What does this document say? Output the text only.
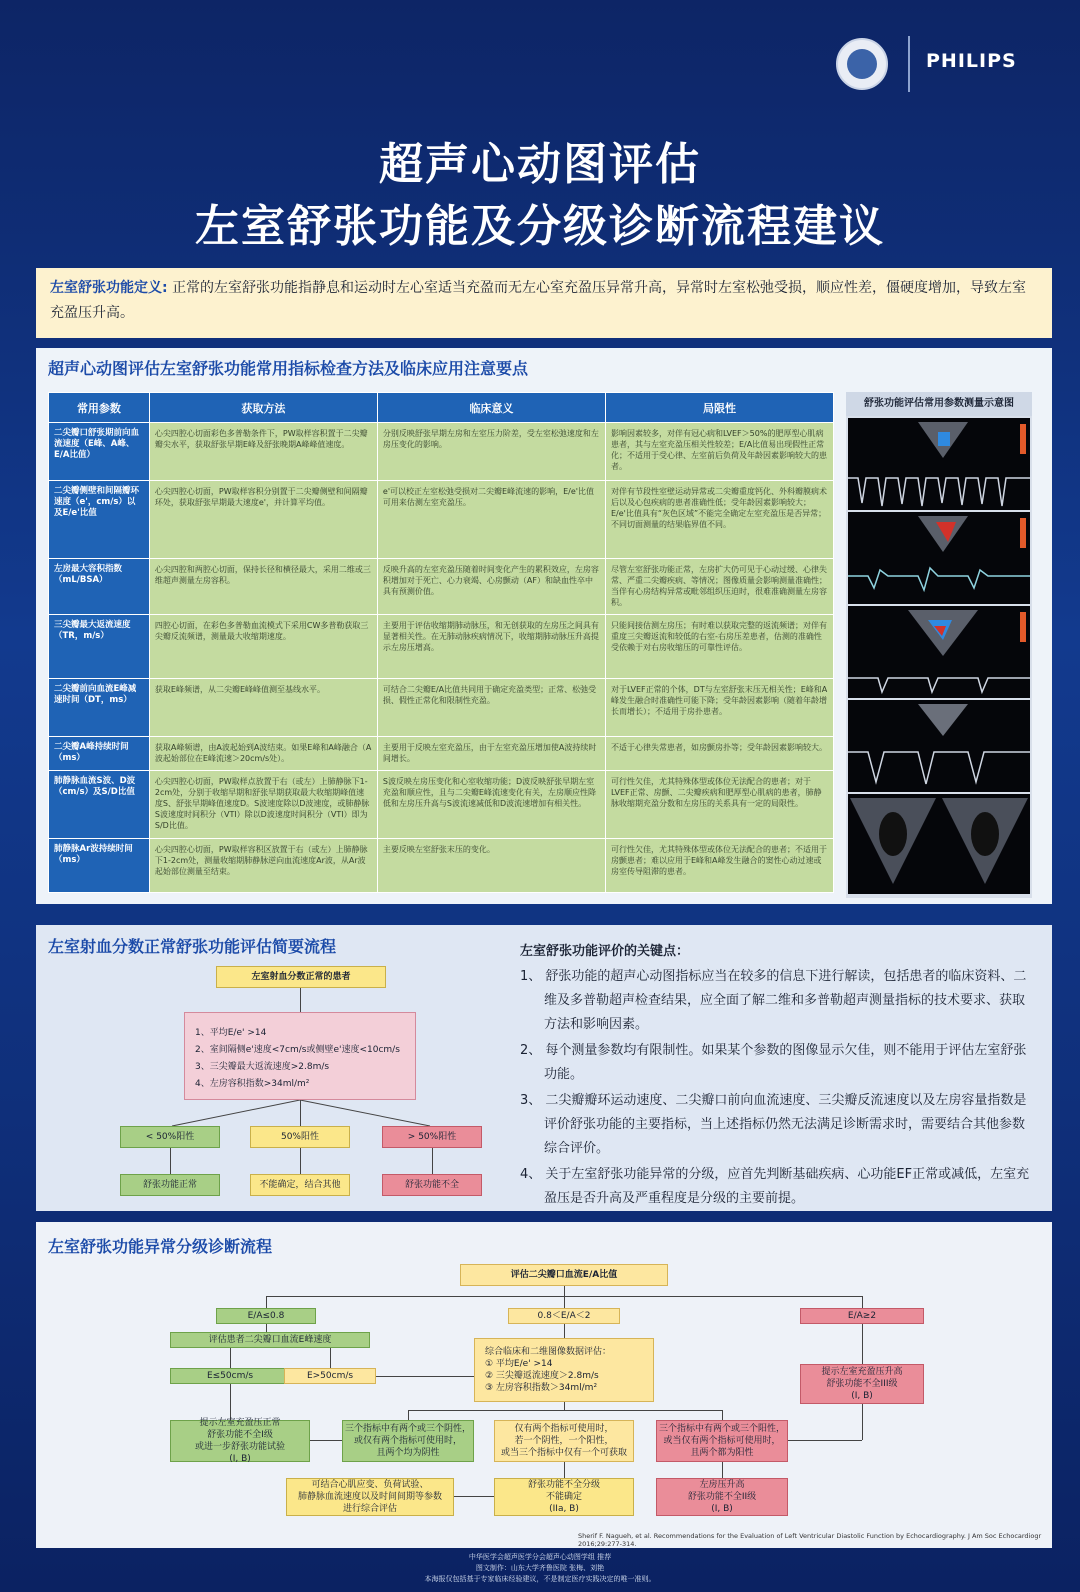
PHILIPS
超声心动图评估
左室舒张功能及分级诊断流程建议
左室舒张功能定义: 正常的左室舒张功能指静息和运动时左心室适当充盈而无左心室充盈压异常升高，异常时左室松弛受损，顺应性差，僵硬度增加，导致左室充盈压升高。
超声心动图评估左室舒张功能常用指标检查方法及临床应用注意要点
常用参数	获取方法	临床意义	局限性
二尖瓣口舒张期前向血流速度（E峰、A峰、E/A比值）	心尖四腔心切面彩色多普勒条件下，PW取样容积置于二尖瓣瓣尖水平，获取舒张早期E峰及舒张晚期A峰峰值速度。	分别反映舒张早期左房和左室压力阶差，受左室松弛速度和左房压变化的影响。	影响因素较多，对伴有冠心病和LVEF＞50%的肥厚型心肌病患者，其与左室充盈压相关性较差；E/A比值易出现假性正常化；不适用于受心律、左室前后负荷及年龄因素影响较大的患者。
二尖瓣侧壁和间隔瓣环速度（e'，cm/s）以及E/e'比值	心尖四腔心切面，PW取样容积分别置于二尖瓣侧壁和间隔瓣环处，获取舒张早期最大速度e'，并计算平均值。	e'可以校正左室松弛受损对二尖瓣E峰流速的影响，E/e'比值可用来估测左室充盈压。	对伴有节段性室壁运动异常或二尖瓣重度钙化、外科瓣膜病术后以及心包疾病的患者准确性低；受年龄因素影响较大；E/e'比值具有“灰色区域”不能完全确定左室充盈压是否异常；不同切面测量的结果临界值不同。
左房最大容积指数（mL/BSA）	心尖四腔和两腔心切面，保持长径和横径最大，采用二维或三维超声测量左房容积。	反映升高的左室充盈压随着时间变化产生的累积效应，左房容积增加对于死亡、心力衰竭、心房颤动（AF）和缺血性卒中具有预测价值。	尽管左室舒张功能正常，左房扩大仍可见于心动过缓、心律失常、严重二尖瓣疾病、等情况；图像质量会影响测量准确性；当伴有心房结构异常或毗邻组织压迫时，很难准确测量左房容积。
三尖瓣最大返流速度（TR，m/s）	四腔心切面，在彩色多普勒血流模式下采用CW多普勒获取三尖瓣反流频谱，测量最大收缩期速度。	主要用于评估收缩期肺动脉压，和无创获取的左房压之间具有显著相关性。在无肺动脉疾病情况下，收缩期肺动脉压升高提示左房压增高。	只能间接估测左房压；有时难以获取完整的返流频谱；对伴有重度三尖瓣返流和较低的右室-右房压差患者，估测的准确性受依赖于对右房收缩压的可靠性评估。
二尖瓣前向血流E峰减速时间（DT，ms）	获取E峰频谱，从二尖瓣E峰峰值测至基线水平。	可结合二尖瓣E/A比值共同用于确定充盈类型；正常、松弛受损、假性正常化和限制性充盈。	对于LVEF正常的个体，DT与左室舒张末压无相关性；E峰和A峰发生融合时准确性可能下降；受年龄因素影响（随着年龄增长而增长）；不适用于房扑患者。
二尖瓣A峰持续时间（ms）	获取A峰频谱，由A波起始到A波结束。如果E峰和A峰融合（A波起始部位在E峰流速＞20cm/s处）。	主要用于反映左室充盈压，由于左室充盈压增加使A波持续时间增长。	不适于心律失常患者，如房颤房扑等；受年龄因素影响较大。
肺静脉血流S波、D波（cm/s）及S/D比值	心尖四腔心切面，PW取样点放置于右（或左）上肺静脉下1-2cm处，分别于收缩早期和舒张早期获取最大收缩期峰值速度S、舒张早期峰值速度D。S波速度除以D波速度，或肺静脉S波速度时间积分（VTI）除以D波速度时间积分（VTI）即为S/D比值。	S波反映左房压变化和心室收缩功能；D波反映舒张早期左室充盈和顺应性，且与二尖瓣E峰流速变化有关，左房顺应性降低和左房压升高与S波流速减低和D波流速增加有相关性。	可行性欠佳，尤其特殊体型或体位无法配合的患者；对于LVEF正常、房颤、二尖瓣疾病和肥厚型心肌病的患者，肺静脉收缩期充盈分数和左房压的关系具有一定的局限性。
肺静脉Ar波持续时间（ms）	心尖四腔心切面，PW取样容积区放置于右（或左）上肺静脉下1-2cm处，测量收缩期肺静脉逆向血流速度Ar波，从Ar波起始部位测量至结束。	主要反映左室舒张末压的变化。	可行性欠佳，尤其特殊体型或体位无法配合的患者；不适用于房颤患者；难以应用于E峰和A峰发生融合的窦性心动过速或房室传导阻滞的患者。
舒张功能评估常用参数测量示意图
左室射血分数正常舒张功能评估简要流程
左室射血分数正常的患者
1、平均E/e' >14
2、室间隔侧e'速度<7cm/s或侧壁e'速度<10cm/s
3、三尖瓣最大返流速度>2.8m/s
4、左房容积指数>34ml/m²
< 50%阳性	50%阳性	> 50%阳性
舒张功能正常	不能确定，结合其他	舒张功能不全
左室舒张功能评价的关键点：
1、 舒张功能的超声心动图指标应当在较多的信息下进行解读，包括患者的临床资料、二维及多普勒超声检查结果，应全面了解二维和多普勒超声测量指标的技术要求、获取方法和影响因素。
2、 每个测量参数均有限制性。如果某个参数的图像显示欠佳，则不能用于评估左室舒张功能。
3、 二尖瓣瓣环运动速度、二尖瓣口前向血流速度、三尖瓣反流速度以及左房容量指数是评价舒张功能的主要指标，当上述指标仍然无法满足诊断需求时，需要结合其他参数综合评价。
4、 关于左室舒张功能异常的分级，应首先判断基础疾病、心功能EF正常或减低，左室充盈压是否升高及严重程度是分级的主要前提。
左室舒张功能异常分级诊断流程
评估二尖瓣口血流E/A比值
E/A≤0.8	0.8＜E/A＜2	E/A≥2
评估患者二尖瓣口血流E峰速度
E≤50cm/s	E>50cm/s
综合临床和二维图像数据评估：
① 平均E/e' >14
② 三尖瓣返流速度＞2.8m/s
③ 左房容积指数＞34ml/m²
提示左室充盈压升高
舒张功能不全III级
(I, B)
提示左室充盈压正常
舒张功能不全I级
或进一步舒张功能试验
(I, B)
三个指标中有两个或三个阴性，
或仅有两个指标可使用时，
且两个均为阴性
仅有两个指标可使用时，
若一个阴性，一个阳性，
或当三个指标中仅有一个可获取
三个指标中有两个或三个阳性，
或当仅有两个指标可使用时，
且两个都为阳性
可结合心肌应变、负荷试验、
肺静脉血流速度以及时间间期等参数
进行综合评估
舒张功能不全分级
不能确定
(IIa, B)
左房压升高
舒张功能不全II级
(I, B)
Sherif F. Nagueh, et al. Recommendations for the Evaluation of Left Ventricular Diastolic Function by Echocardiography. J Am Soc Echocardiogr 2016;29:277-314.
中华医学会超声医学分会超声心动图学组 推荐
图文制作：山东大学齐鲁医院 张梅、刘艳
本海报仅包括基于专家临床经验建议，不是制定医疗实践决定的唯一准则。
